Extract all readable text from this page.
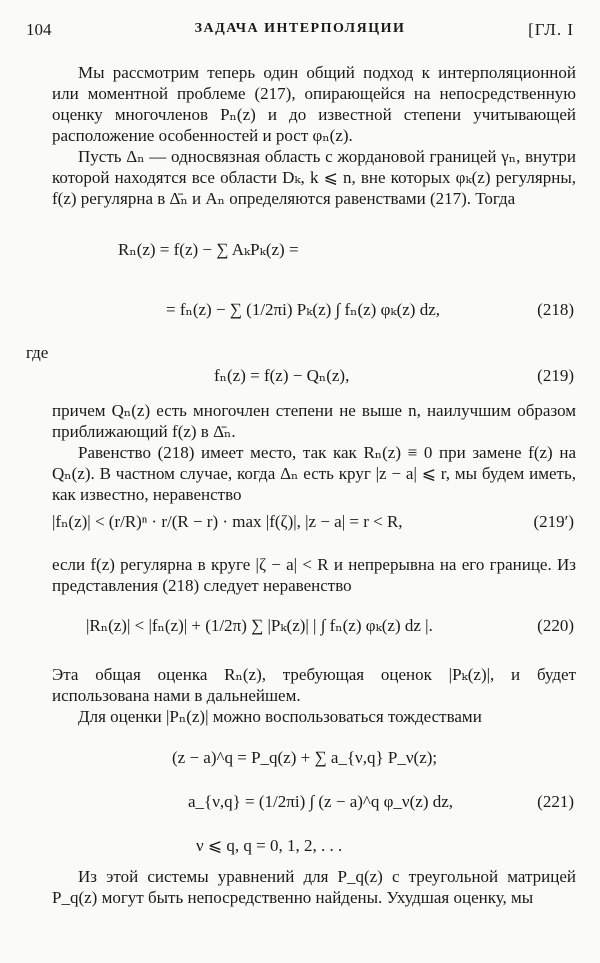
104	ЗАДАЧА ИНТЕРПОЛЯЦИИ	[ГЛ. I
Мы рассмотрим теперь один общий подход к интерполяционной или моментной проблеме (217), опирающейся на непосредственную оценку многочленов Pₙ(z) и до известной степени учитывающей расположение особенностей и рост φₙ(z).
Пусть Δₙ — односвязная область с жордановой границей γₙ, внутри которой находятся все области Dₖ, k ⩽ n, вне которых φₖ(z) регулярны, f(z) регулярна в Δ̄ₙ и Aₙ определяются равенствами (217). Тогда
Rₙ(z) = f(z) − ∑ AₖPₖ(z) =
= fₙ(z) − ∑ (1/2πi) Pₖ(z) ∫ fₙ(z) φₖ(z) dz,	(218)
где
fₙ(z) = f(z) − Qₙ(z),	(219)
причем Qₙ(z) есть многочлен степени не выше n, наилучшим образом приближающий f(z) в Δ̄ₙ.
Равенство (218) имеет место, так как Rₙ(z) ≡ 0 при замене f(z) на Qₙ(z). В частном случае, когда Δₙ есть круг |z − a| ⩽ r, мы будем иметь, как известно, неравенство
|fₙ(z)| < (r/R)ⁿ · r/(R − r) · max |f(ζ)|, |z − a| = r < R,	(219′)
если f(z) регулярна в круге |ζ − a| < R и непрерывна на его границе. Из представления (218) следует неравенство
|Rₙ(z)| < |fₙ(z)| + (1/2π) ∑ |Pₖ(z)| | ∫ fₙ(z) φₖ(z) dz |.	(220)
Эта общая оценка Rₙ(z), требующая оценок |Pₖ(z)|, и будет использована нами в дальнейшем.
Для оценки |Pₙ(z)| можно воспользоваться тождествами
(z − a)^q = P_q(z) + ∑ a_{ν,q} P_ν(z);
a_{ν,q} = (1/2πi) ∫ (z − a)^q φ_ν(z) dz,	(221)
ν ⩽ q, q = 0, 1, 2, . . .
Из этой системы уравнений для P_q(z) с треугольной матрицей P_q(z) могут быть непосредственно найдены. Ухудшая оценку, мы
